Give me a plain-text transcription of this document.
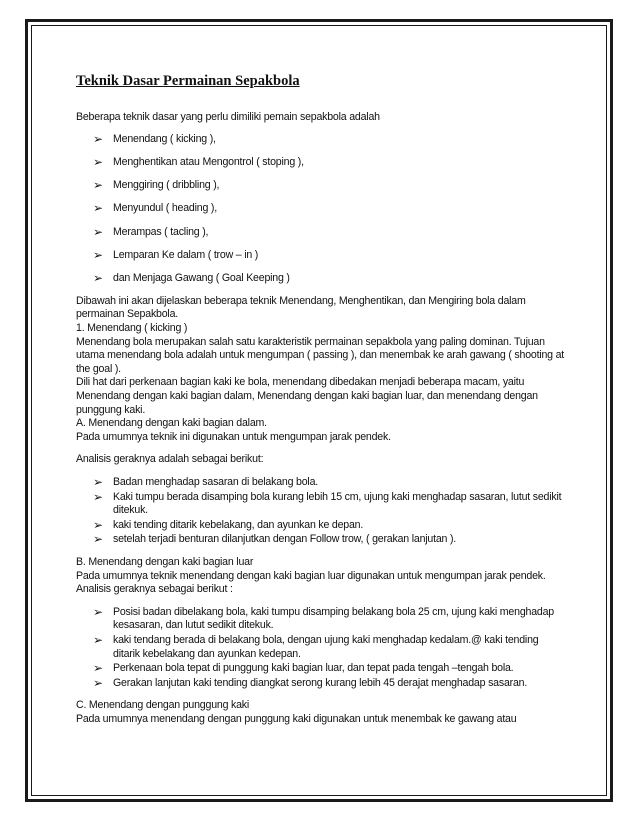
Teknik Dasar Permainan Sepakbola

Beberapa teknik dasar yang perlu dimiliki pemain sepakbola adalah

➢ Menendang ( kicking ),
➢ Menghentikan atau Mengontrol ( stoping ),
➢ Menggiring ( dribbling ),
➢ Menyundul ( heading ),
➢ Merampas ( tacling ),
➢ Lemparan Ke dalam ( trow – in )
➢ dan Menjaga Gawang ( Goal Keeping )

Dibawah ini akan dijelaskan beberapa teknik Menendang, Menghentikan, dan Mengiring bola dalam

permainan Sepakbola.

1. Menendang ( kicking )

Menendang bola merupakan salah satu karakteristik permainan sepakbola yang paling dominan. Tujuan utama menendang bola adalah untuk mengumpan ( passing ), dan menembak ke arah gawang ( shooting at the goal ).

Dili hat dari perkenaan bagian kaki ke bola, menendang dibedakan menjadi beberapa macam, yaitu Menendang dengan kaki bagian dalam, Menendang dengan kaki bagian luar, dan menendang dengan punggung kaki.

A. Menendang dengan kaki bagian dalam.

Pada umumnya teknik ini digunakan untuk mengumpan jarak pendek.

Analisis geraknya adalah sebagai berikut:

➢ Badan menghadap sasaran di belakang bola.
➢ Kaki tumpu berada disamping bola kurang lebih 15 cm, ujung kaki menghadap sasaran, lutut sedikit ditekuk.
➢ kaki tending ditarik kebelakang, dan ayunkan ke depan.
➢ setelah terjadi benturan dilanjutkan dengan Follow trow, ( gerakan lanjutan ).

B. Menendang dengan kaki bagian luar

Pada umumnya teknik menendang dengan kaki bagian luar digunakan untuk mengumpan jarak pendek.

Analisis geraknya sebagai berikut :

➢ Posisi badan dibelakang bola, kaki tumpu disamping belakang bola 25 cm, ujung kaki menghadap kesasaran, dan lutut sedikit ditekuk.
➢ kaki tendang berada di belakang bola, dengan ujung kaki menghadap kedalam.@ kaki tending ditarik kebelakang dan ayunkan kedepan.
➢ Perkenaan bola tepat di punggung kaki bagian luar, dan tepat pada tengah –tengah bola.
➢ Gerakan lanjutan kaki tending diangkat serong kurang lebih 45 derajat menghadap sasaran.

C. Menendang dengan punggung kaki

Pada umumnya menendang dengan punggung kaki digunakan untuk menembak ke gawang atau
